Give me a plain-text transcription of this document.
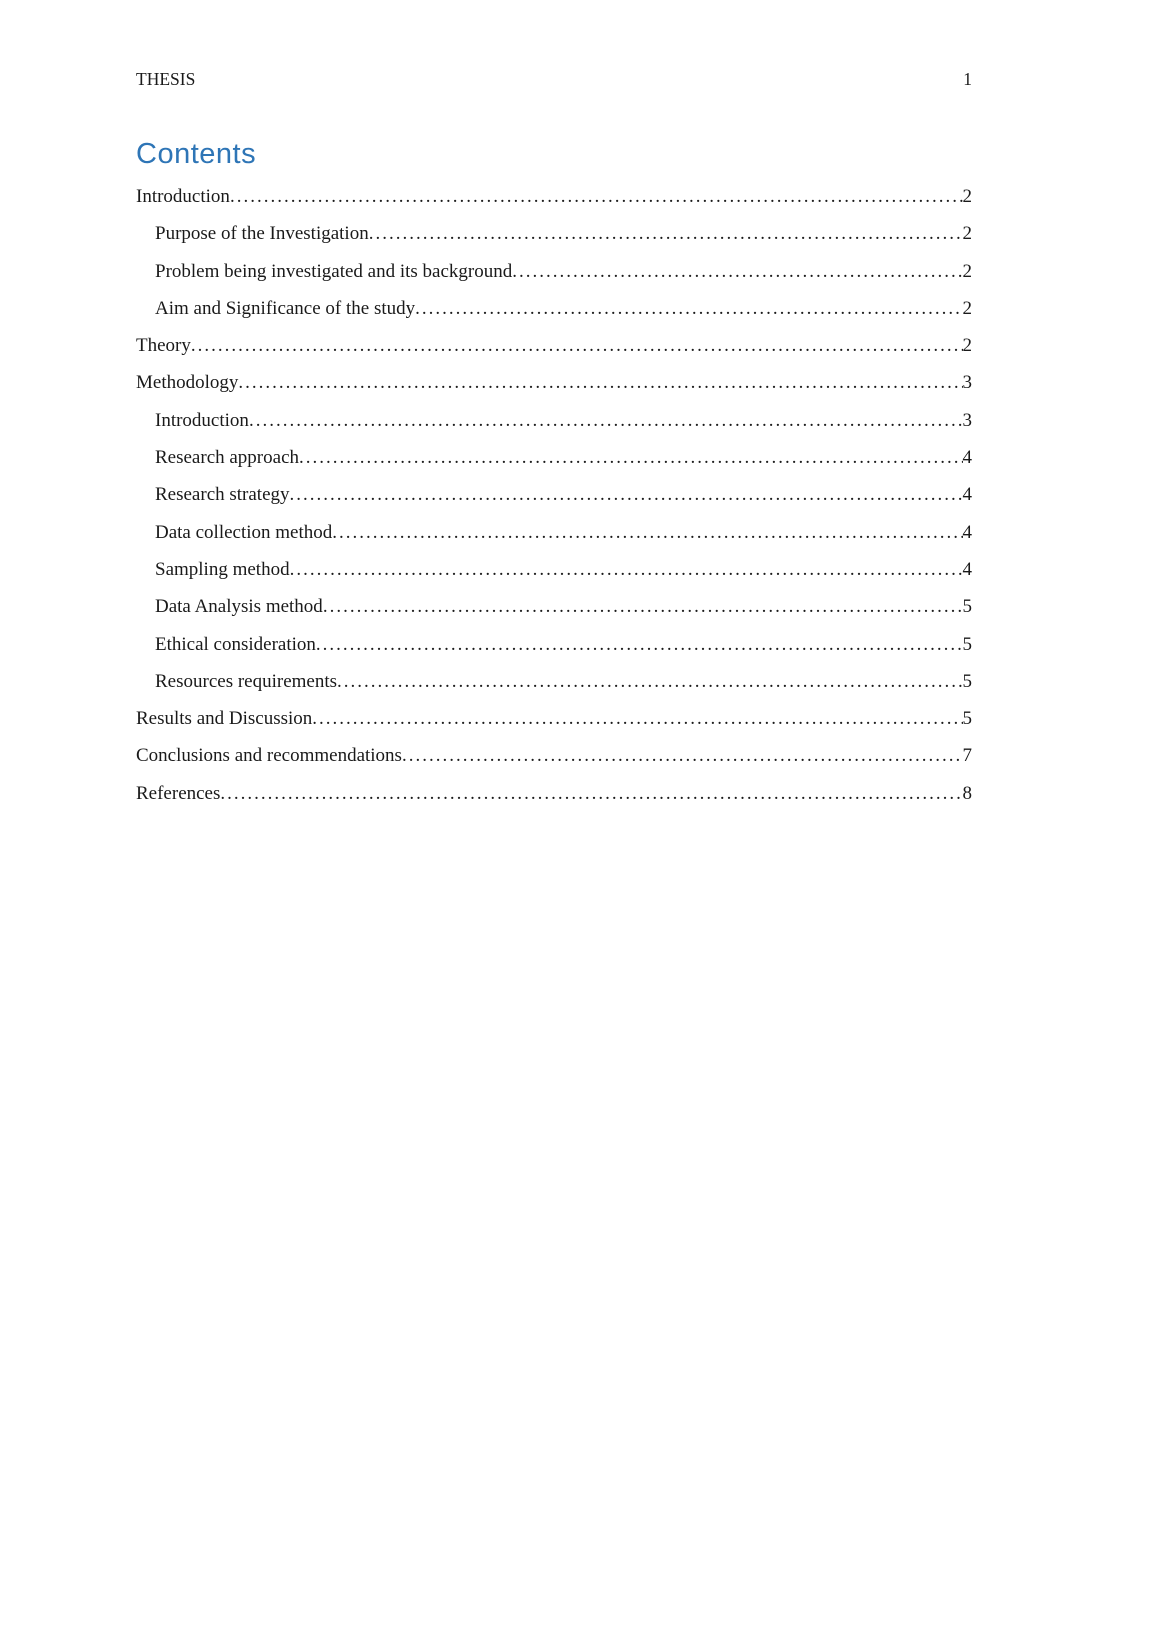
THESIS	1
Contents
Introduction .....	2
Purpose of the Investigation .....	2
Problem being investigated and its background .....	2
Aim and Significance of the study .....	2
Theory .....	2
Methodology .....	3
Introduction .....	3
Research approach .....	4
Research strategy .....	4
Data collection method .....	4
Sampling method .....	4
Data Analysis method .....	5
Ethical consideration .....	5
Resources requirements .....	5
Results and Discussion .....	5
Conclusions and recommendations .....	7
References .....	8
